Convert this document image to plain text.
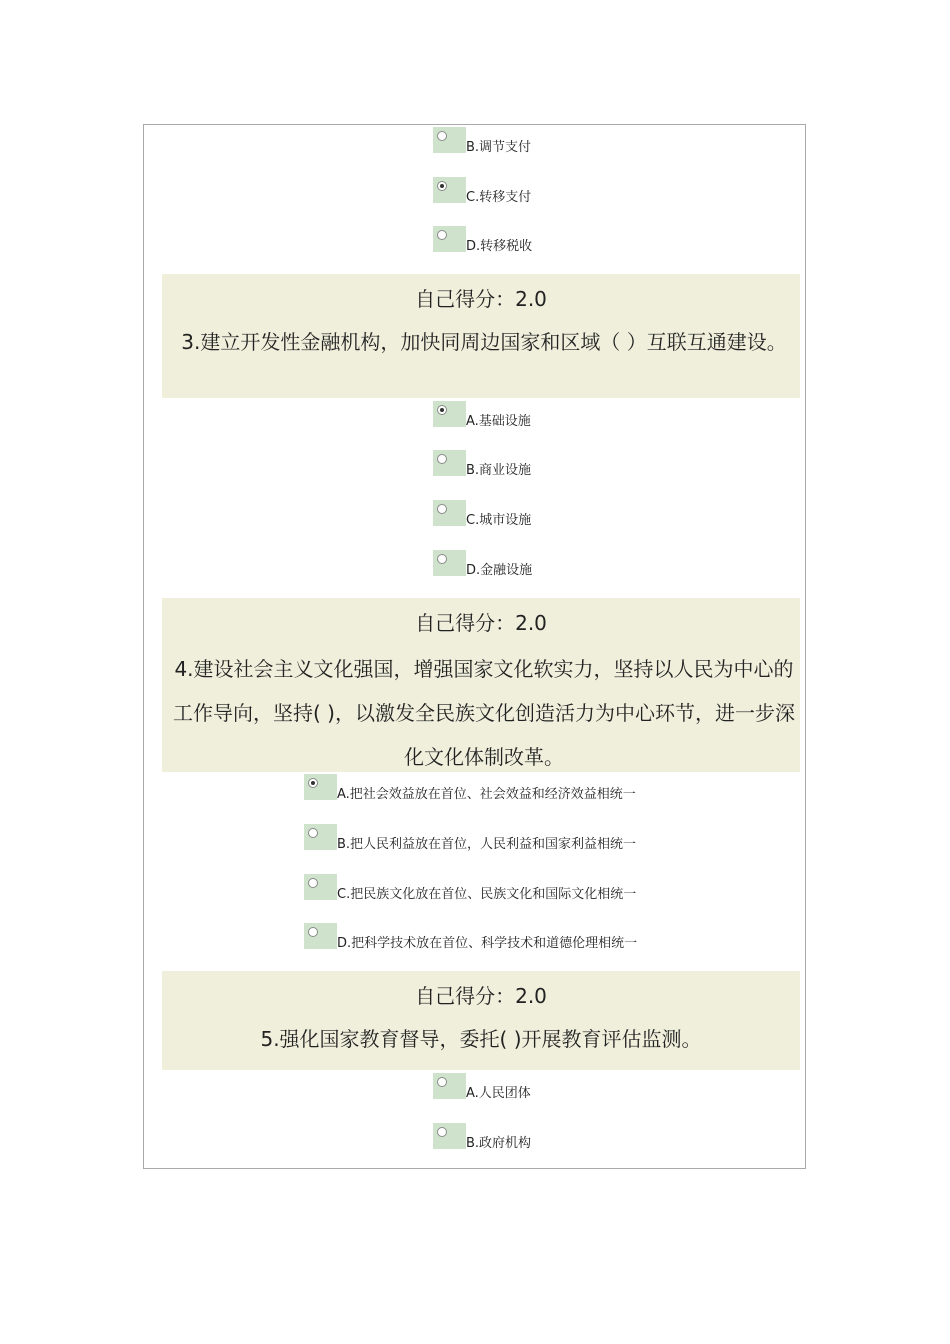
B.调节支付
C.转移支付
D.转移税收
自己得分：2.0
3.建立开发性金融机构，加快同周边国家和区域（ ）互联互通建设。
A.基础设施
B.商业设施
C.城市设施
D.金融设施
自己得分：2.0
4.建设社会主义文化强国，增强国家文化软实力，坚持以人民为中心的工作导向，坚持( )，以激发全民族文化创造活力为中心环节，进一步深化文化体制改革。
A.把社会效益放在首位、社会效益和经济效益相统一
B.把人民利益放在首位，人民利益和国家利益相统一
C.把民族文化放在首位、民族文化和国际文化相统一
D.把科学技术放在首位、科学技术和道德伦理相统一
自己得分：2.0
5.强化国家教育督导，委托( )开展教育评估监测。
A.人民团体
B.政府机构
